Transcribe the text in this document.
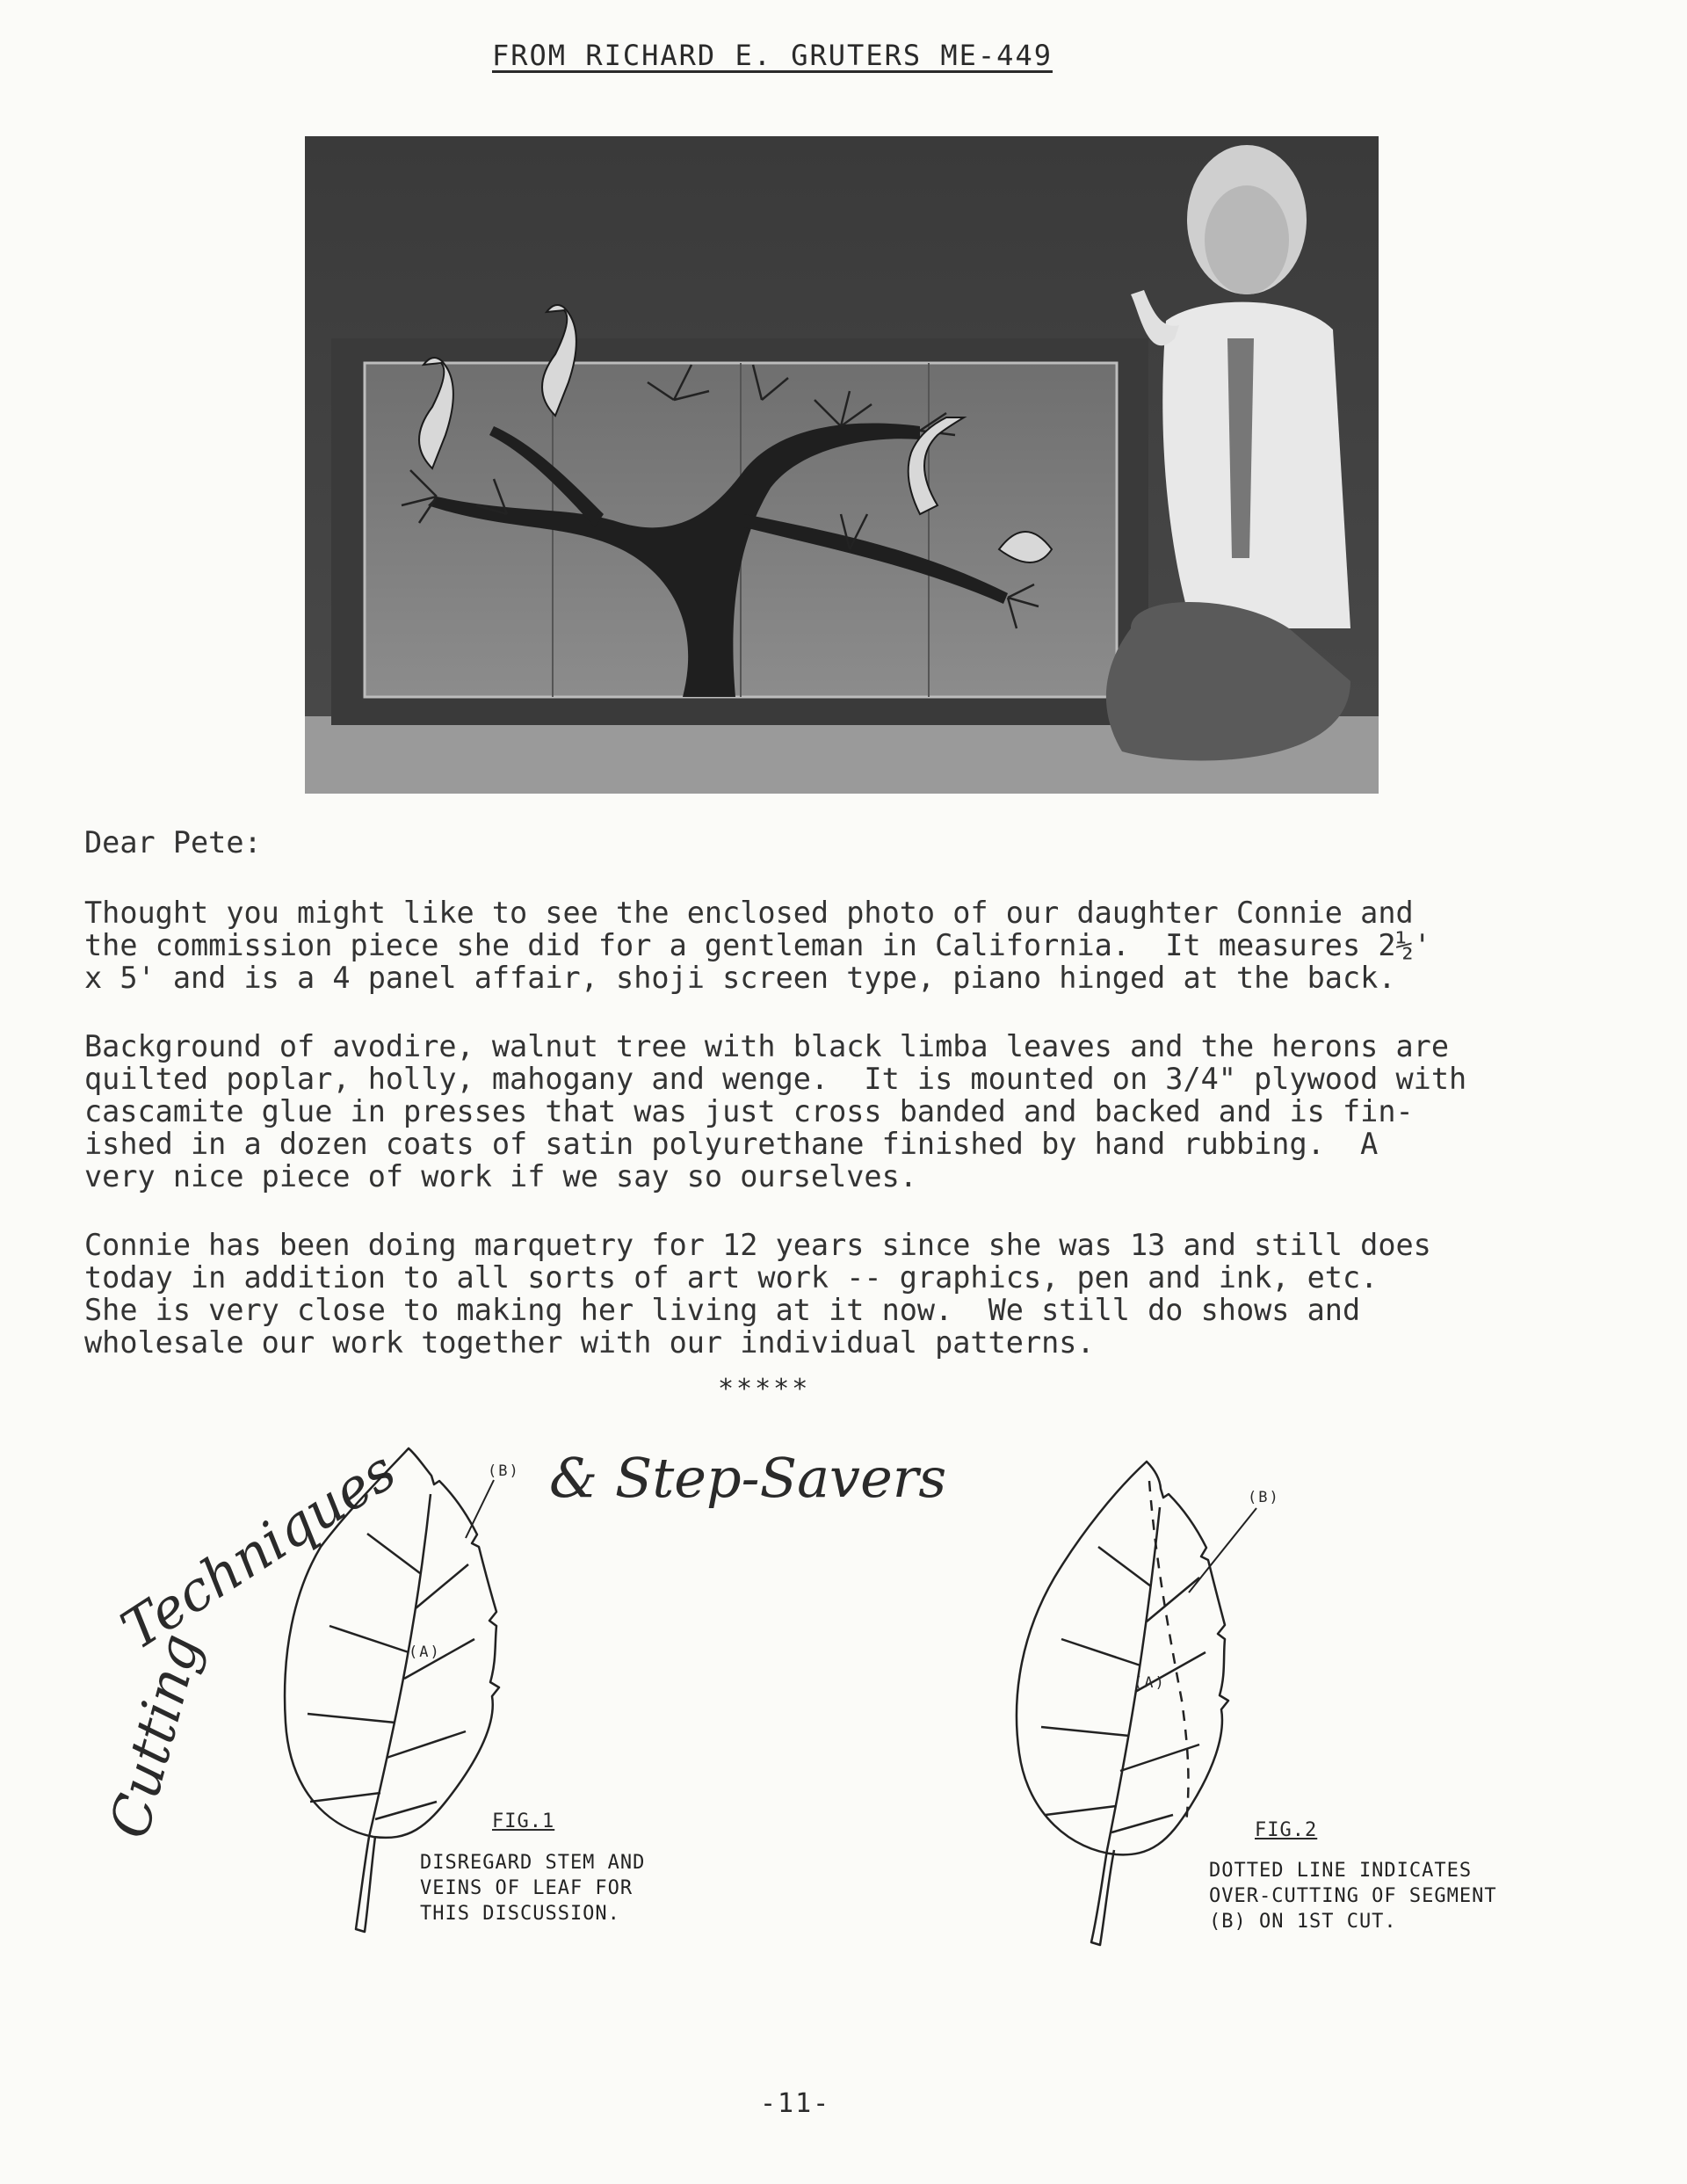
FROM RICHARD E. GRUTERS ME-449
Dear Pete:
Thought you might like to see the enclosed photo of our daughter Connie and
the commission piece she did for a gentleman in California.  It measures 2½'
x 5' and is a 4 panel affair, shoji screen type, piano hinged at the back.
Background of avodire, walnut tree with black limba leaves and the herons are
quilted poplar, holly, mahogany and wenge.  It is mounted on 3/4" plywood with
cascamite glue in presses that was just cross banded and backed and is fin-
ished in a dozen coats of satin polyurethane finished by hand rubbing.  A
very nice piece of work if we say so ourselves.
Connie has been doing marquetry for 12 years since she was 13 and still does
today in addition to all sorts of art work -- graphics, pen and ink, etc.
She is very close to making her living at it now.  We still do shows and
wholesale our work together with our individual patterns.
*****
Cutting
Techniques	& Step-Savers
(B)
(A)
FIG.1
DISREGARD STEM AND
VEINS OF LEAF FOR
THIS DISCUSSION.
(B)
(A)
FIG.2
DOTTED LINE INDICATES
OVER-CUTTING OF SEGMENT
(B) ON 1ST CUT.
-11-
